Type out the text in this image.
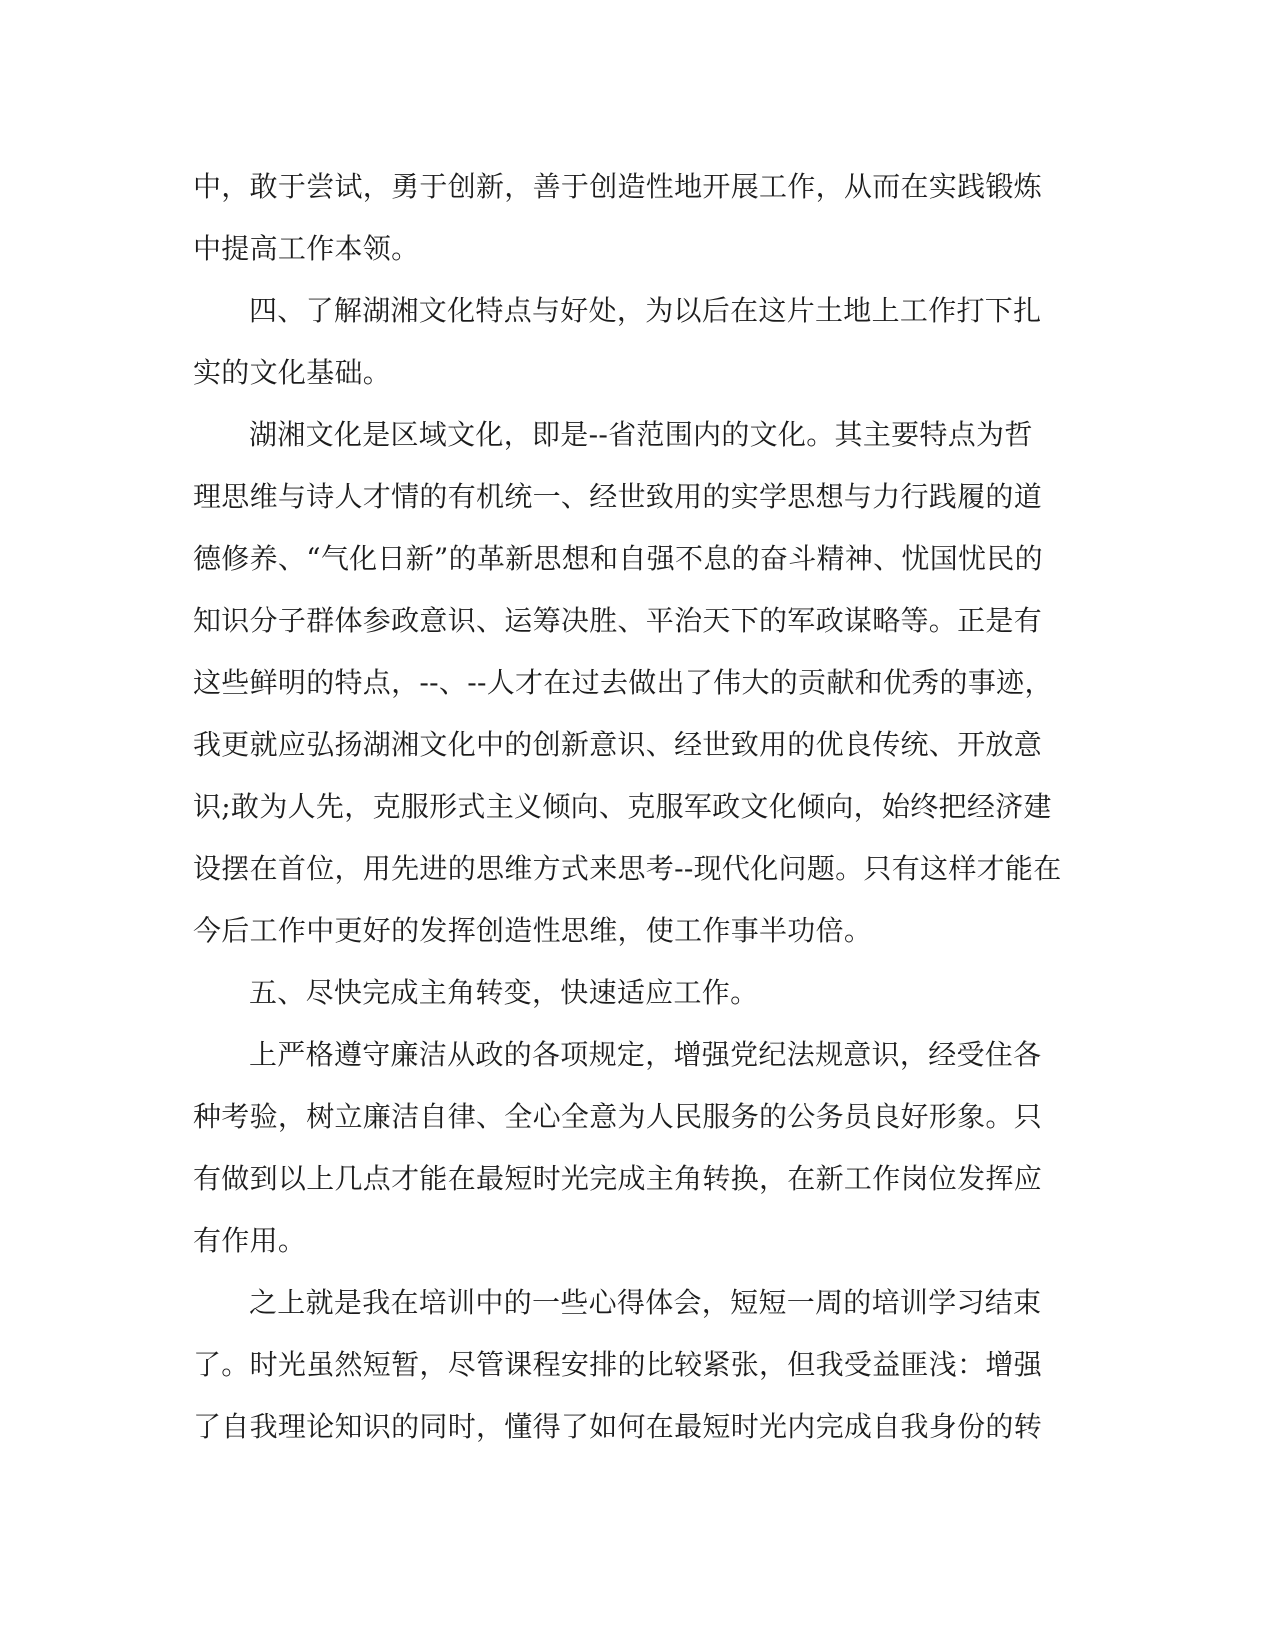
中，敢于尝试，勇于创新，善于创造性地开展工作，从而在实践锻炼
中提高工作本领。
四、了解湖湘文化特点与好处，为以后在这片土地上工作打下扎
实的文化基础。
湖湘文化是区域文化，即是--省范围内的文化。其主要特点为哲
理思维与诗人才情的有机统一、经世致用的实学思想与力行践履的道
德修养、“气化日新”的革新思想和自强不息的奋斗精神、忧国忧民的
知识分子群体参政意识、运筹决胜、平治天下的军政谋略等。正是有
这些鲜明的特点，--、--人才在过去做出了伟大的贡献和优秀的事迹，
我更就应弘扬湖湘文化中的创新意识、经世致用的优良传统、开放意
识;敢为人先，克服形式主义倾向、克服军政文化倾向，始终把经济建
设摆在首位，用先进的思维方式来思考--现代化问题。只有这样才能在
今后工作中更好的发挥创造性思维，使工作事半功倍。
五、尽快完成主角转变，快速适应工作。
上严格遵守廉洁从政的各项规定，增强党纪法规意识，经受住各
种考验，树立廉洁自律、全心全意为人民服务的公务员良好形象。只
有做到以上几点才能在最短时光完成主角转换，在新工作岗位发挥应
有作用。
之上就是我在培训中的一些心得体会，短短一周的培训学习结束
了。时光虽然短暂，尽管课程安排的比较紧张，但我受益匪浅：增强
了自我理论知识的同时，懂得了如何在最短时光内完成自我身份的转
